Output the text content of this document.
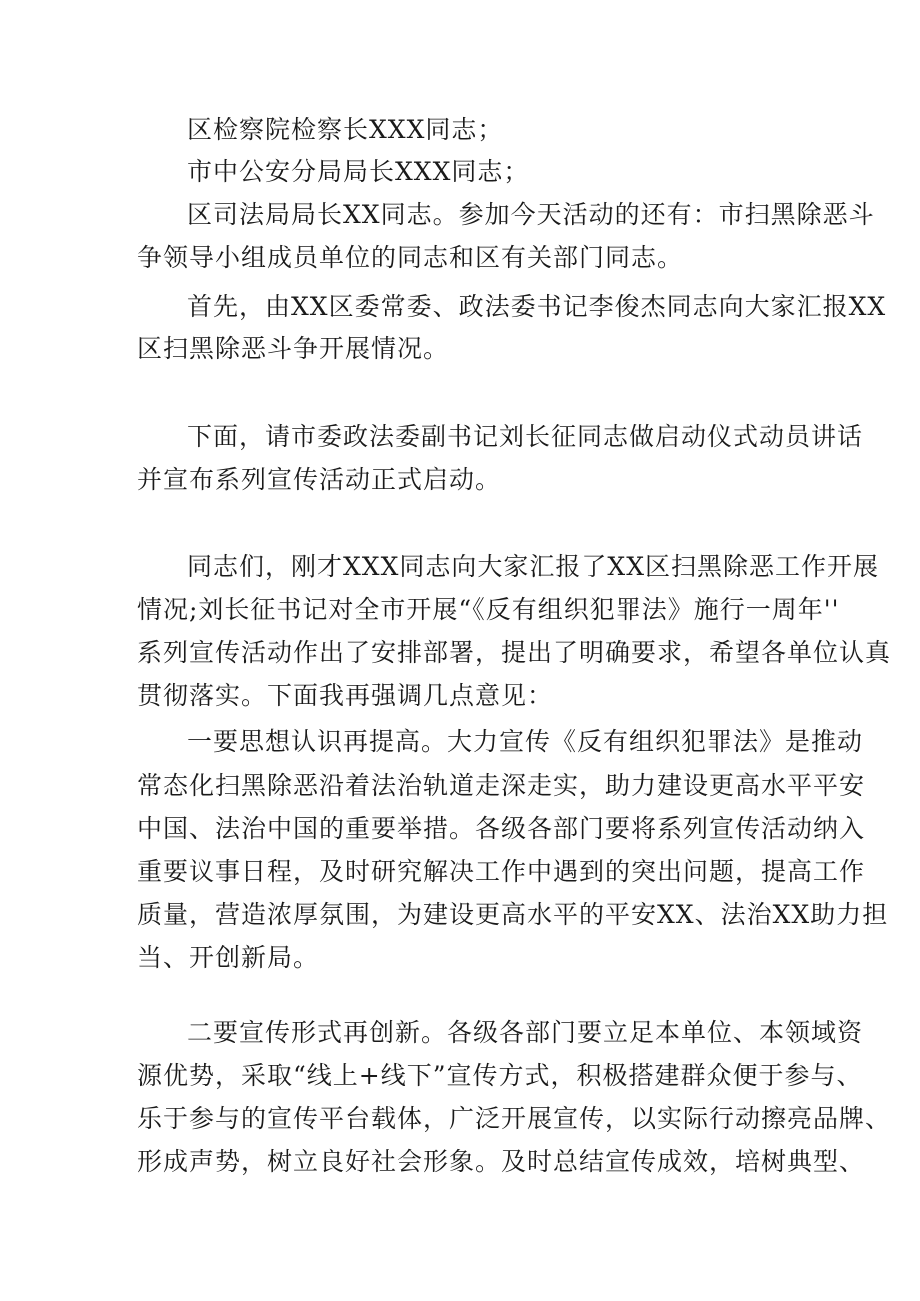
区检察院检察长XXX同志；
市中公安分局局长XXX同志；
区司法局局长XX同志。参加今天活动的还有：市扫黑除恶斗
争领导小组成员单位的同志和区有关部门同志。
首先，由XX区委常委、政法委书记李俊杰同志向大家汇报XX
区扫黑除恶斗争开展情况。
下面，请市委政法委副书记刘长征同志做启动仪式动员讲话
并宣布系列宣传活动正式启动。
同志们，刚才XXX同志向大家汇报了XX区扫黑除恶工作开展
情况;刘长征书记对全市开展“《反有组织犯罪法》施行一周年''
系列宣传活动作出了安排部署，提出了明确要求，希望各单位认真
贯彻落实。下面我再强调几点意见：
一要思想认识再提高。大力宣传《反有组织犯罪法》是推动
常态化扫黑除恶沿着法治轨道走深走实，助力建设更高水平平安
中国、法治中国的重要举措。各级各部门要将系列宣传活动纳入
重要议事日程，及时研究解决工作中遇到的突出问题，提高工作
质量，营造浓厚氛围，为建设更高水平的平安XX、法治XX助力担
当、开创新局。
二要宣传形式再创新。各级各部门要立足本单位、本领域资
源优势，采取“线上+线下”宣传方式，积极搭建群众便于参与、
乐于参与的宣传平台载体，广泛开展宣传，以实际行动擦亮品牌、
形成声势，树立良好社会形象。及时总结宣传成效，培树典型、
